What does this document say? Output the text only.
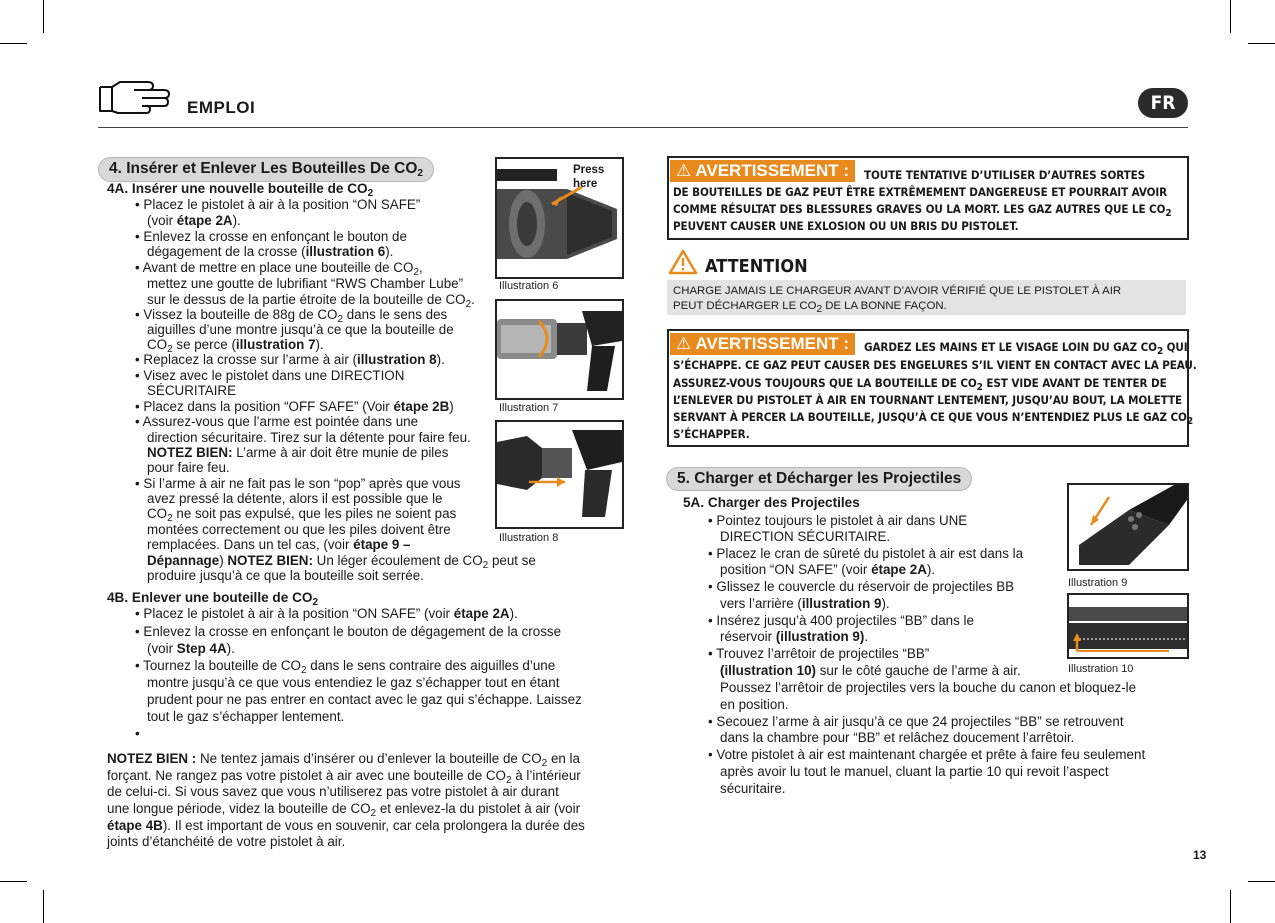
EMPLOI	FR
4. Insérer et Enlever Les Bouteilles De $CO_2$
4A. Insérer une nouvelle bouteille de $CO_2$
• Placez le pistolet à air à la position “ON SAFE”
(voir étape 2A).
• Enlevez la crosse en enfonçant le bouton de
dégagement de la crosse (illustration 6).
• Avant de mettre en place une bouteille de $CO_2$,
mettez une goutte de lubrifiant “RWS Chamber Lube”
sur le dessus de la partie étroite de la bouteille de $CO_2$.
• Vissez la bouteille de 88g de $CO_2$ dans le sens des
aiguilles d’une montre jusqu’à ce que la bouteille de
$CO_2$ se perce (illustration 7).
• Replacez la crosse sur l’arme à air (illustration 8).
• Visez avec le pistolet dans une DIRECTION
SÉCURITAIRE
• Placez dans la position “OFF SAFE” (Voir étape 2B)
• Assurez-vous que l’arme est pointée dans une
direction sécuritaire. Tirez sur la détente pour faire feu.
NOTEZ BIEN: L’arme à air doit être munie de piles
pour faire feu.
• Si l’arme à air ne fait pas le son “pop” après que vous
avez pressé la détente, alors il est possible que le
$CO_2$ ne soit pas expulsé, que les piles ne soient pas
montées correctement ou que les piles doivent être
remplacées. Dans un tel cas, (voir étape 9 –
Dépannage) NOTEZ BIEN: Un léger écoulement de $CO_2$ peut se
produire jusqu’à ce que la bouteille soit serrée.
4B. Enlever une bouteille de $CO_2$
• Placez le pistolet à air à la position “ON SAFE” (voir étape 2A).
• Enlevez la crosse en enfonçant le bouton de dégagement de la crosse
(voir Step 4A).
• Tournez la bouteille de $CO_2$ dans le sens contraire des aiguilles d’une
montre jusqu’à ce que vous entendiez le gaz s’échapper tout en étant
prudent pour ne pas entrer en contact avec le gaz qui s’échappe. Laissez
tout le gaz s’échapper lentement.
•
NOTEZ BIEN : Ne tentez jamais d’insérer ou d’enlever la bouteille de $CO_2$ en la
forçant. Ne rangez pas votre pistolet à air avec une bouteille de $CO_2$ à l’intérieur
de celui-ci. Si vous savez que vous n’utiliserez pas votre pistolet à air durant
une longue période, videz la bouteille de $CO_2$ et enlevez-la du pistolet à air (voir
étape 4B). Il est important de vous en souvenir, car cela prolongera la durée des
joints d’étanchéité de votre pistolet à air.
Press
here
Illustration 6
Illustration 7
Illustration 8
⚠ AVERTISSEMENT :	TOUTE TENTATIVE D’UTILISER D’AUTRES SORTES
DE BOUTEILLES DE GAZ PEUT ÊTRE EXTRÊMEMENT DANGEREUSE ET POURRAIT AVOIR
COMME RÉSULTAT DES BLESSURES GRAVES OU LA MORT. LES GAZ AUTRES QUE LE CO2
PEUVENT CAUSER UNE EXLOSION OU UN BRIS DU PISTOLET.
ATTENTION
CHARGE JAMAIS LE CHARGEUR AVANT D’AVOIR VÉRIFIÉ QUE LE PISTOLET À AIR
PEUT DÉCHARGER LE CO2 DE LA BONNE FAÇON.
⚠ AVERTISSEMENT :	GARDEZ LES MAINS ET LE VISAGE LOIN DU GAZ CO2 QUI
S’ÉCHAPPE. CE GAZ PEUT CAUSER DES ENGELURES S’IL VIENT EN CONTACT AVEC LA PEAU.
ASSUREZ-VOUS TOUJOURS QUE LA BOUTEILLE DE CO2 EST VIDE AVANT DE TENTER DE
L’ENLEVER DU PISTOLET À AIR EN TOURNANT LENTEMENT, JUSQU’AU BOUT, LA MOLETTE
SERVANT À PERCER LA BOUTEILLE, JUSQU’À CE QUE VOUS N’ENTENDIEZ PLUS LE GAZ CO2
S’ÉCHAPPER.
5. Charger et Décharger les Projectiles
5A. Charger des Projectiles
• Pointez toujours le pistolet à air dans UNE
DIRECTION SÉCURITAIRE.
• Placez le cran de sûreté du pistolet à air est dans la
position “ON SAFE” (voir étape 2A).
• Glissez le couvercle du réservoir de projectiles BB
vers l’arrière (illustration 9).
• Insérez jusqu’à 400 projectiles “BB” dans le
réservoir (illustration 9).
• Trouvez l’arrêtoir de projectiles “BB”
(illustration 10) sur le côté gauche de l’arme à air.
Poussez l’arrêtoir de projectiles vers la bouche du canon et bloquez-le
en position.
• Secouez l’arme à air jusqu’à ce que 24 projectiles “BB” se retrouvent
dans la chambre pour “BB” et relâchez doucement l’arrêtoir.
• Votre pistolet à air est maintenant chargée et prête à faire feu seulement
après avoir lu tout le manuel, cluant la partie 10 qui revoit l’aspect
sécuritaire.
Illustration 9
Illustration 10
13
